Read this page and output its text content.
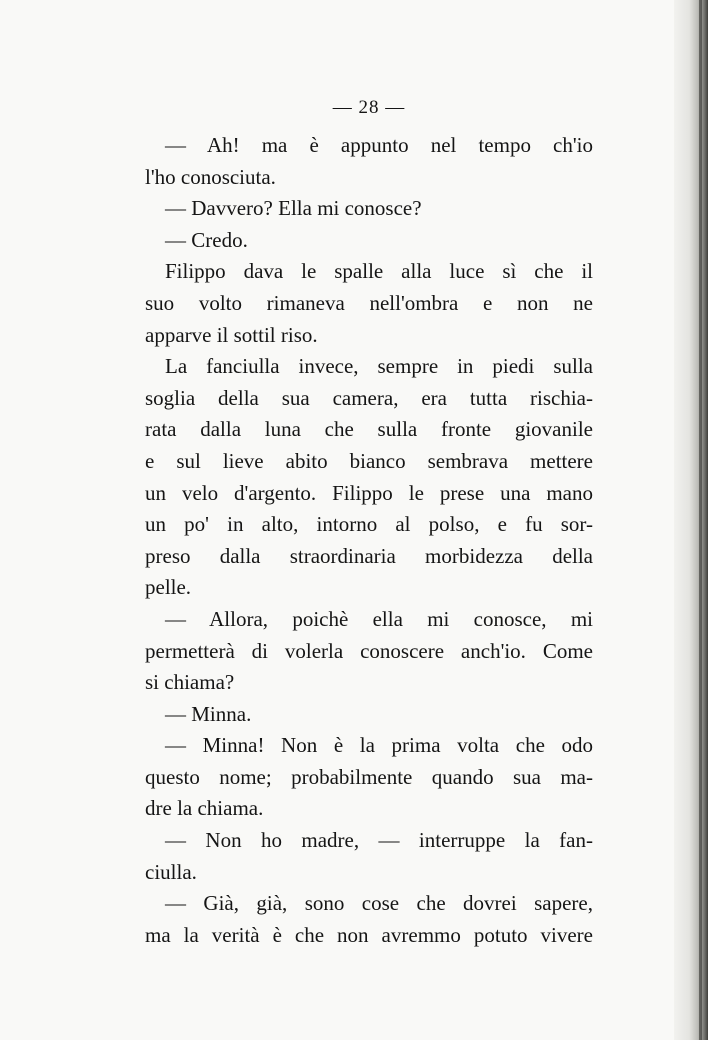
— 28 —
— Ah! ma è appunto nel tempo ch'io
l'ho conosciuta.
— Davvero? Ella mi conosce?
— Credo.
Filippo dava le spalle alla luce sì che il
suo volto rimaneva nell'ombra e non ne
apparve il sottil riso.
La fanciulla invece, sempre in piedi sulla
soglia della sua camera, era tutta rischia-
rata dalla luna che sulla fronte giovanile
e sul lieve abito bianco sembrava mettere
un velo d'argento. Filippo le prese una mano
un po' in alto, intorno al polso, e fu sor-
preso dalla straordinaria morbidezza della
pelle.
— Allora, poichè ella mi conosce, mi
permetterà di volerla conoscere anch'io. Come
si chiama?
— Minna.
— Minna! Non è la prima volta che odo
questo nome; probabilmente quando sua ma-
dre la chiama.
— Non ho madre, — interruppe la fan-
ciulla.
— Già, già, sono cose che dovrei sapere,
ma la verità è che non avremmo potuto vivere
